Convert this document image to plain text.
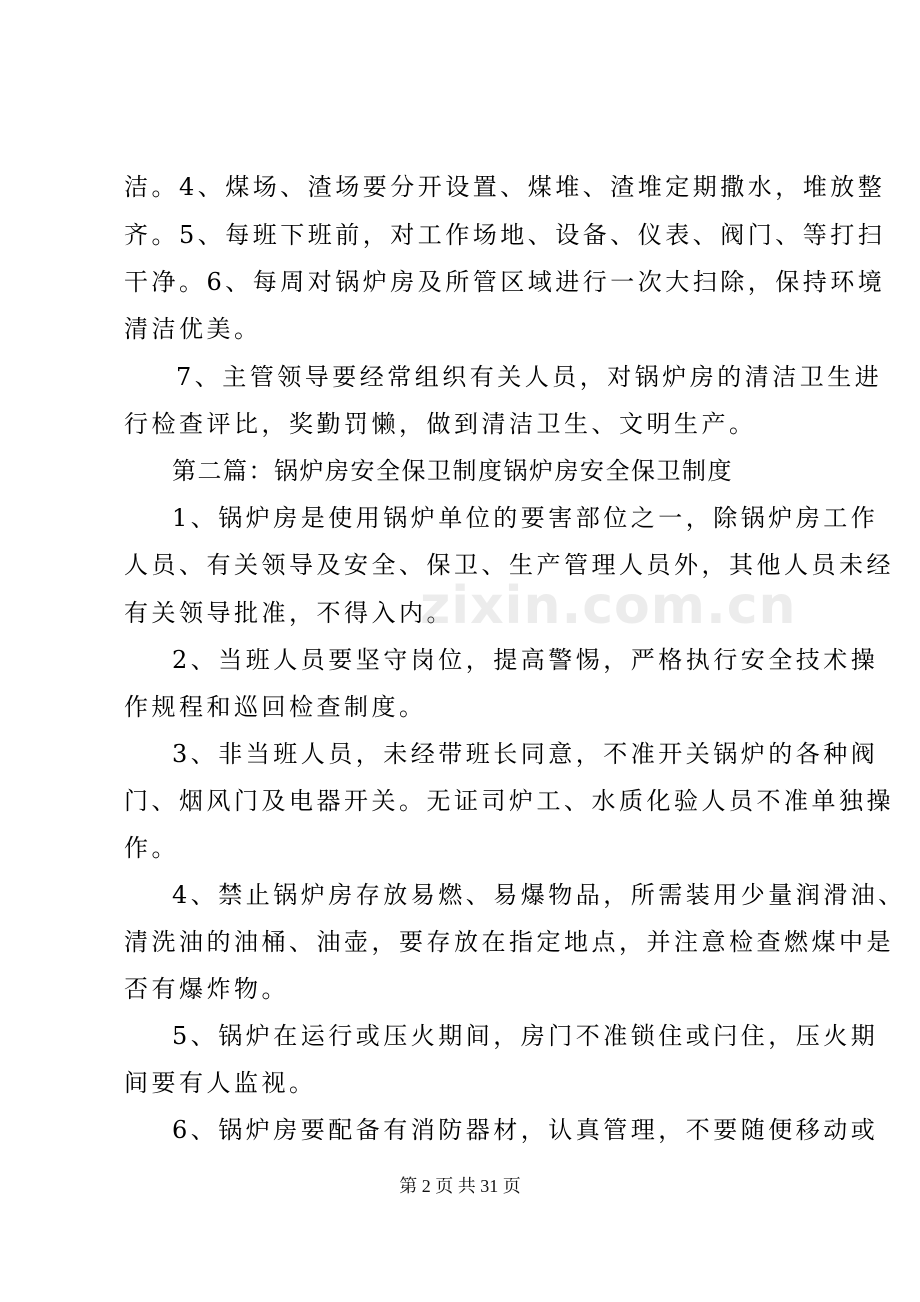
洁。4、煤场、渣场要分开设置、煤堆、渣堆定期撒水，堆放整
齐。5、每班下班前，对工作场地、设备、仪表、阀门、等打扫
干净。6、每周对锅炉房及所管区域进行一次大扫除，保持环境
清洁优美。
7、主管领导要经常组织有关人员，对锅炉房的清洁卫生进
行检查评比，奖勤罚懒，做到清洁卫生、文明生产。
第二篇：锅炉房安全保卫制度锅炉房安全保卫制度
1、锅炉房是使用锅炉单位的要害部位之一，除锅炉房工作
人员、有关领导及安全、保卫、生产管理人员外，其他人员未经
有关领导批准，不得入内。
2、当班人员要坚守岗位，提高警惕，严格执行安全技术操
作规程和巡回检查制度。
3、非当班人员，未经带班长同意，不准开关锅炉的各种阀
门、烟风门及电器开关。无证司炉工、水质化验人员不准单独操
作。
4、禁止锅炉房存放易燃、易爆物品，所需装用少量润滑油、
清洗油的油桶、油壶，要存放在指定地点，并注意检查燃煤中是
否有爆炸物。
5、锅炉在运行或压火期间，房门不准锁住或闩住，压火期
间要有人监视。
6、锅炉房要配备有消防器材，认真管理，不要随便移动或
zixin.com.cn
第 2 页 共 31 页
